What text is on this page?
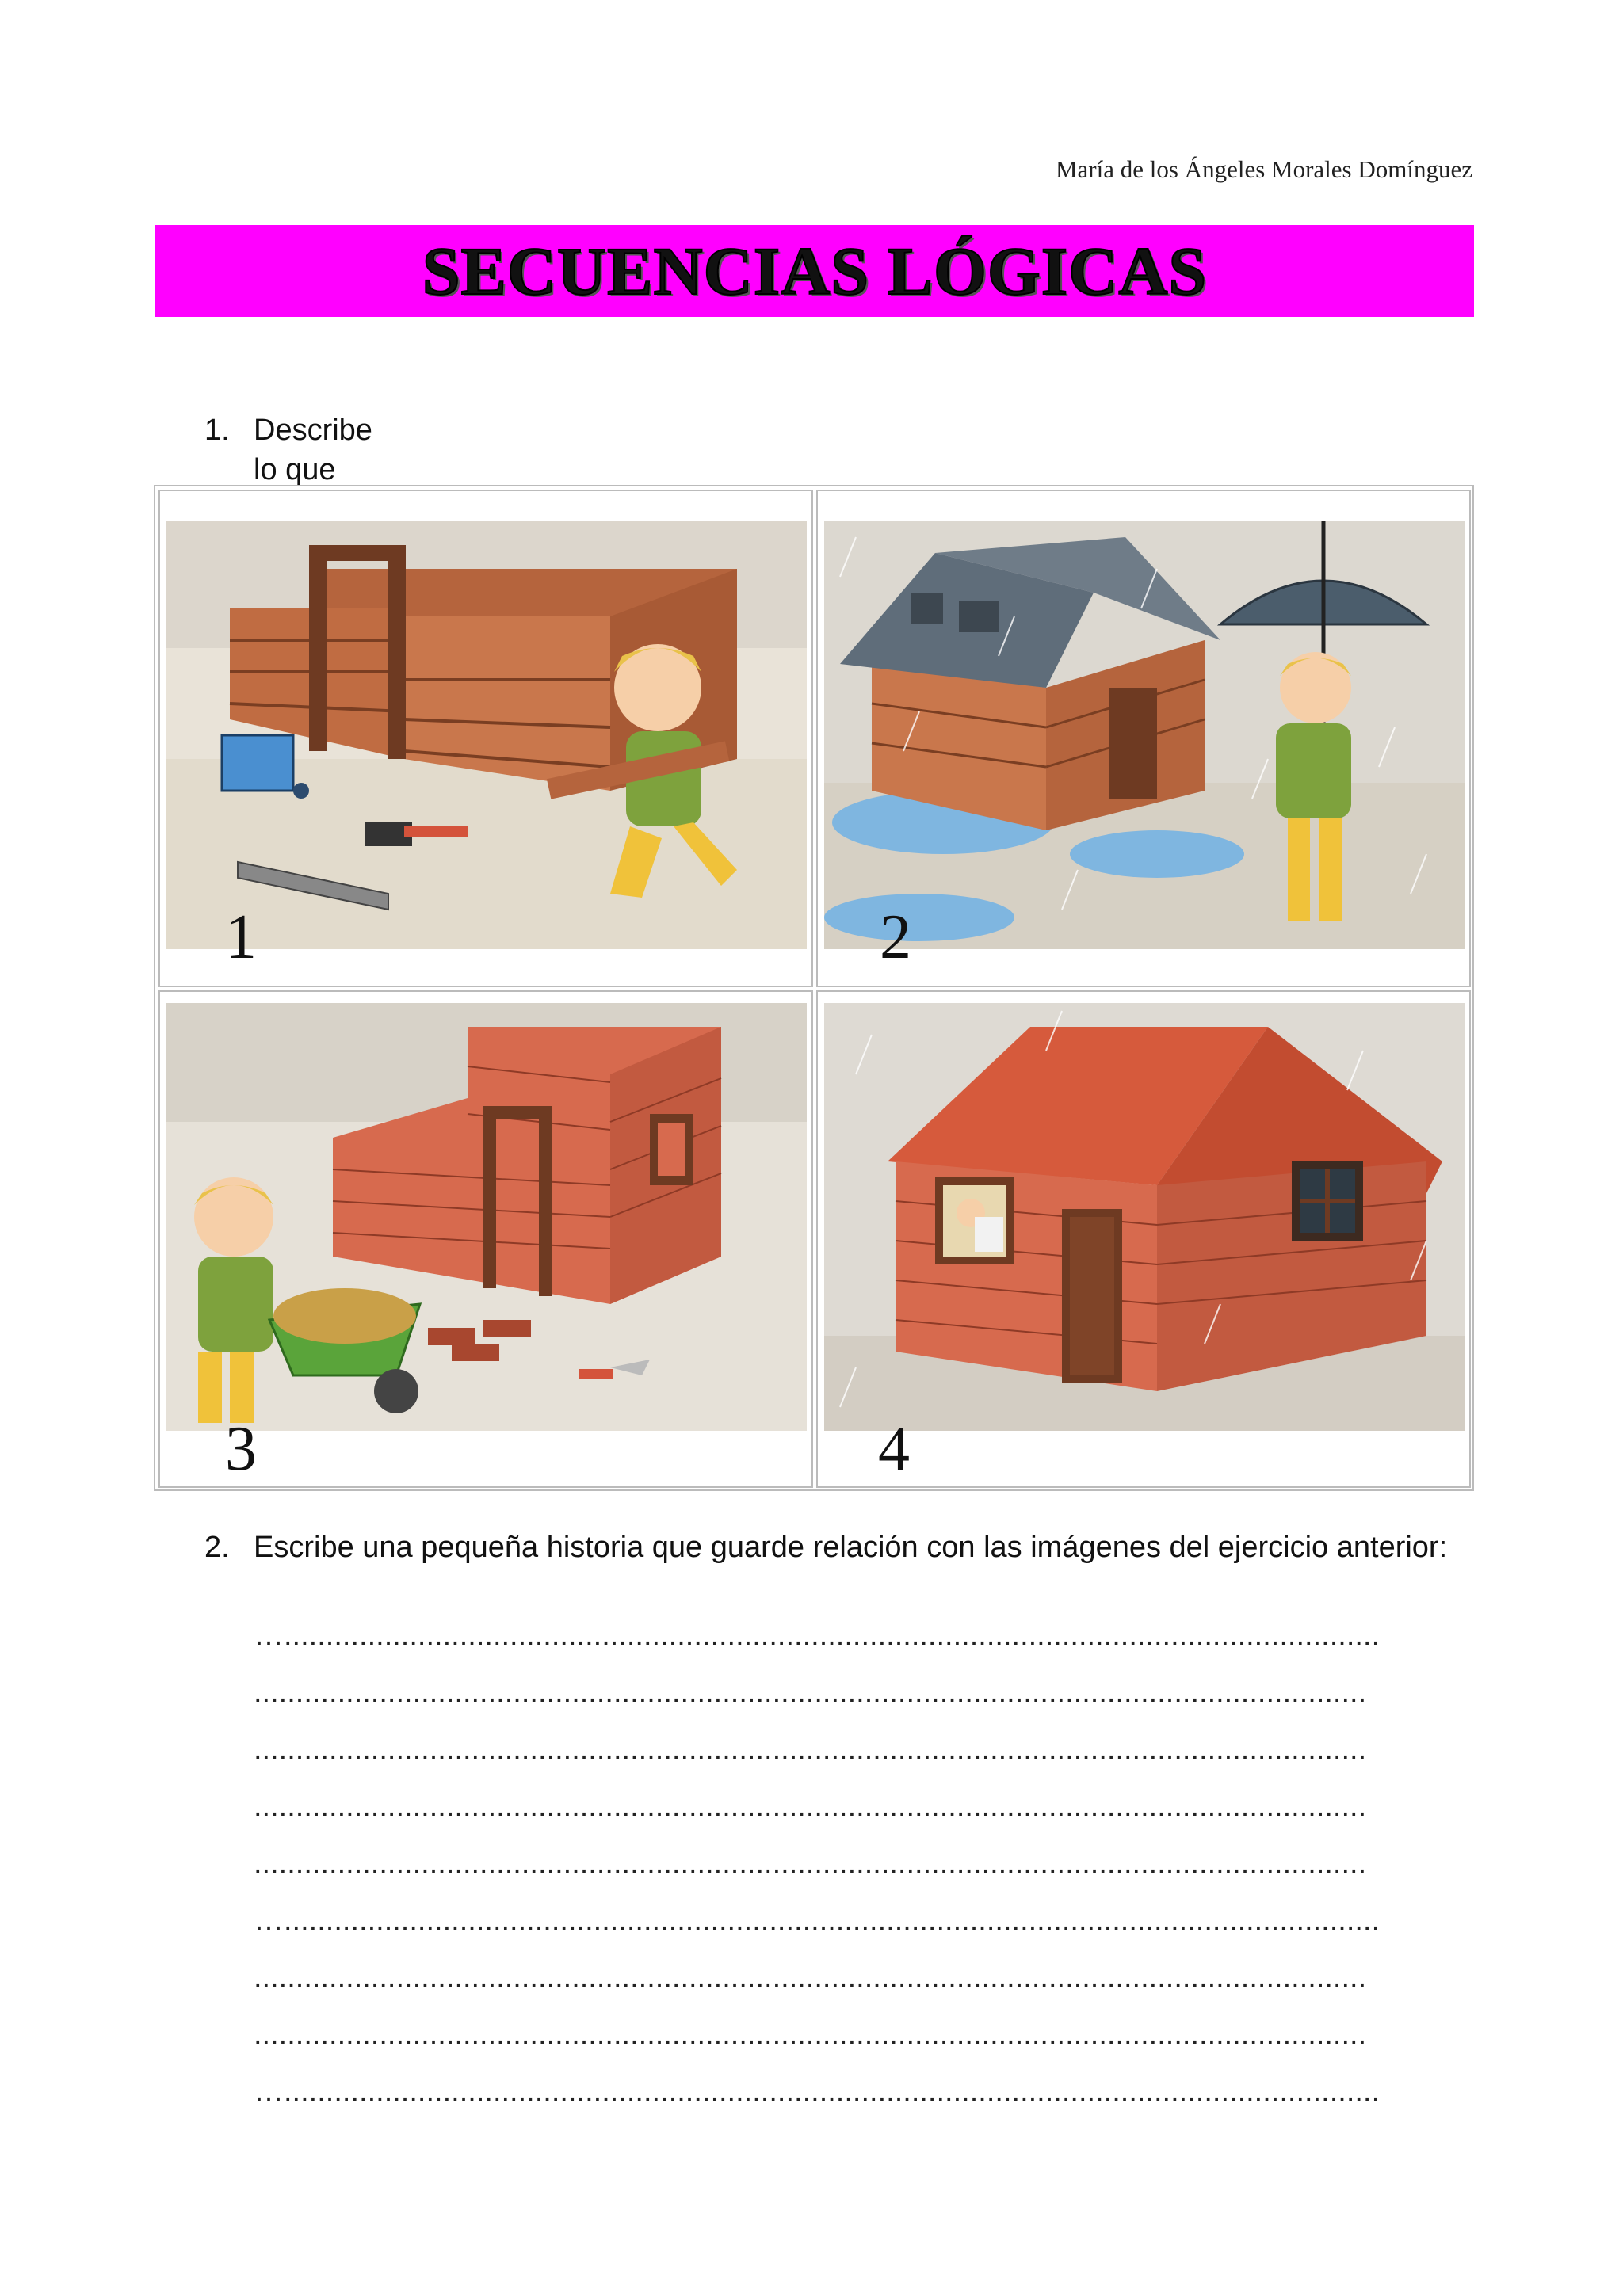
María de los Ángeles Morales Domínguez
SECUENCIAS LÓGICAS
1. Describe lo que
1	2
3	4
2. Escribe una pequeña historia que guarde relación con las imágenes del ejercicio anterior:
…...................................................................................................................................
.....................................................................................................................................
.....................................................................................................................................
.....................................................................................................................................
.....................................................................................................................................
…...................................................................................................................................
.....................................................................................................................................
.....................................................................................................................................
…...................................................................................................................................
